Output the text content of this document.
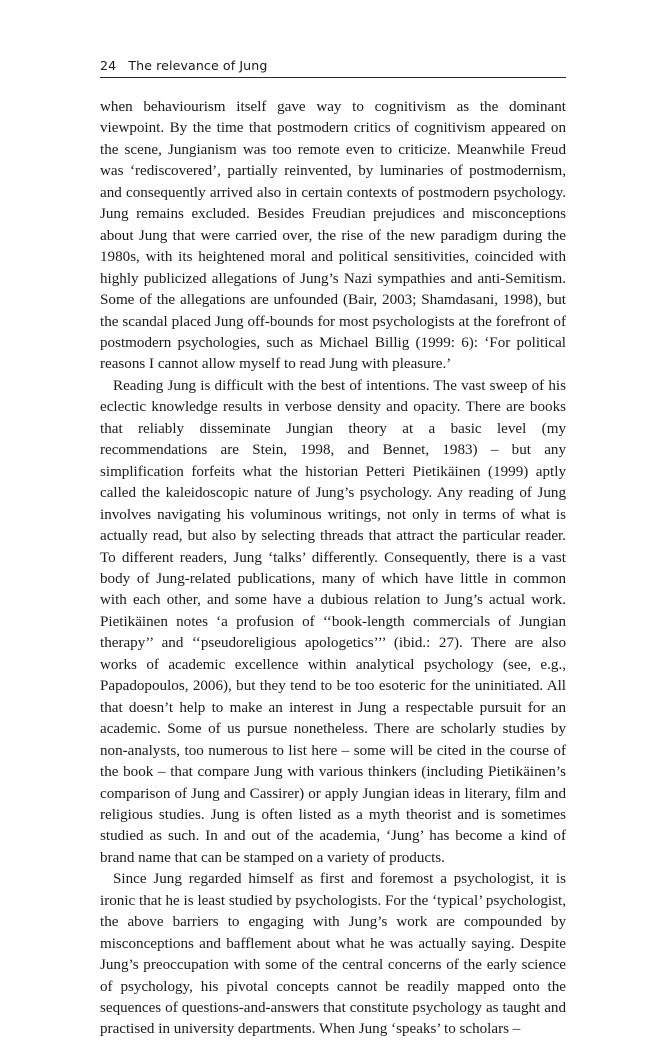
24 The relevance of Jung

when behaviourism itself gave way to cognitivism as the dominant viewpoint. By the time that postmodern critics of cognitivism appeared on the scene, Jungianism was too remote even to criticize. Meanwhile Freud was ‘rediscovered’, partially reinvented, by luminaries of postmodernism, and consequently arrived also in certain contexts of postmodern psychology. Jung remains excluded. Besides Freudian prejudices and misconceptions about Jung that were carried over, the rise of the new paradigm during the 1980s, with its heightened moral and political sensitivities, coincided with highly publicized allegations of Jung’s Nazi sympathies and anti-Semitism. Some of the allegations are unfounded (Bair, 2003; Shamdasani, 1998), but the scandal placed Jung off-bounds for most psychologists at the forefront of postmodern psychologies, such as Michael Billig (1999: 6): ‘For political reasons I cannot allow myself to read Jung with pleasure.’

Reading Jung is difficult with the best of intentions. The vast sweep of his eclectic knowledge results in verbose density and opacity. There are books that reliably disseminate Jungian theory at a basic level (my recommendations are Stein, 1998, and Bennet, 1983) – but any simplification forfeits what the historian Petteri Pietikäinen (1999) aptly called the kaleidoscopic nature of Jung’s psychology. Any reading of Jung involves navigating his voluminous writings, not only in terms of what is actually read, but also by selecting threads that attract the particular reader. To different readers, Jung ‘talks’ differently. Consequently, there is a vast body of Jung-related publications, many of which have little in common with each other, and some have a dubious relation to Jung’s actual work. Pietikäinen notes ‘a profusion of ‘‘book-length commercials of Jungian therapy’’ and ‘‘pseudoreligious apologetics’’’ (ibid.: 27). There are also works of academic excellence within analytical psychology (see, e.g., Papadopoulos, 2006), but they tend to be too esoteric for the uninitiated. All that doesn’t help to make an interest in Jung a respectable pursuit for an academic. Some of us pursue nonetheless. There are scholarly studies by non-analysts, too numerous to list here – some will be cited in the course of the book – that compare Jung with various thinkers (including Pietikäinen’s comparison of Jung and Cassirer) or apply Jungian ideas in literary, film and religious studies. Jung is often listed as a myth theorist and is sometimes studied as such. In and out of the academia, ‘Jung’ has become a kind of brand name that can be stamped on a variety of products.

Since Jung regarded himself as first and foremost a psychologist, it is ironic that he is least studied by psychologists. For the ‘typical’ psychologist, the above barriers to engaging with Jung’s work are compounded by misconceptions and bafflement about what he was actually saying. Despite Jung’s preoccupation with some of the central concerns of the early science of psychology, his pivotal concepts cannot be readily mapped onto the sequences of questions-and-answers that constitute psychology as taught and practised in university departments. When Jung ‘speaks’ to scholars –
